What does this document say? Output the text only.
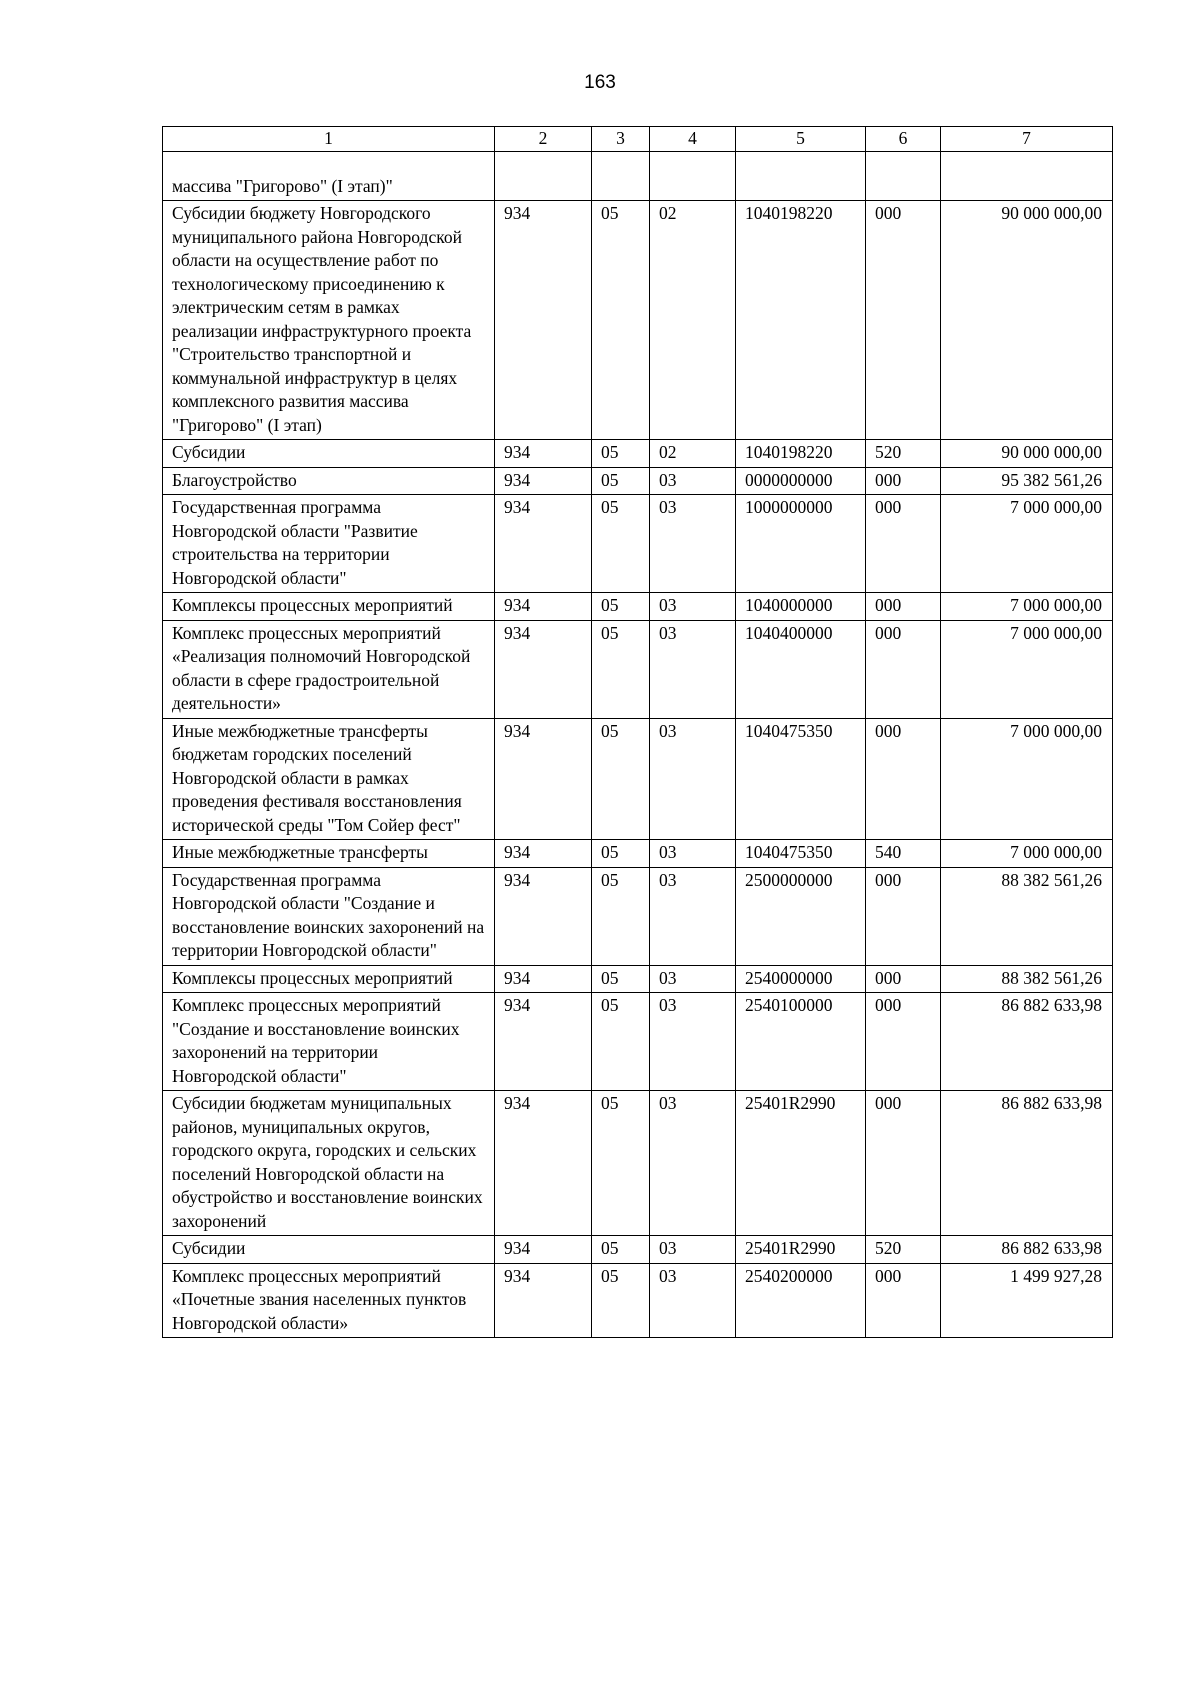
163
1	2	3	4	5	6	7
массива "Григорово" (I этап)"						
Субсидии бюджету Новгородского муниципального района Новгородской области на осуществление работ по технологическому присоединению к электрическим сетям в рамках реализации инфраструктурного проекта "Строительство транспортной и коммунальной инфраструктур в целях комплексного развития массива "Григорово" (I этап)	934	05	02	1040198220	000	90 000 000,00
Субсидии	934	05	02	1040198220	520	90 000 000,00
Благоустройство	934	05	03	0000000000	000	95 382 561,26
Государственная программа Новгородской области "Развитие строительства на территории Новгородской области"	934	05	03	1000000000	000	7 000 000,00
Комплексы процессных мероприятий	934	05	03	1040000000	000	7 000 000,00
Комплекс процессных мероприятий «Реализация полномочий Новгородской области в сфере градостроительной деятельности»	934	05	03	1040400000	000	7 000 000,00
Иные межбюджетные трансферты бюджетам городских поселений Новгородской области в рамках проведения фестиваля восстановления исторической среды "Том Сойер фест"	934	05	03	1040475350	000	7 000 000,00
Иные межбюджетные трансферты	934	05	03	1040475350	540	7 000 000,00
Государственная программа Новгородской области "Создание и восстановление воинских захоронений на территории Новгородской области"	934	05	03	2500000000	000	88 382 561,26
Комплексы процессных мероприятий	934	05	03	2540000000	000	88 382 561,26
Комплекс процессных мероприятий "Создание и восстановление воинских захоронений на территории Новгородской области"	934	05	03	2540100000	000	86 882 633,98
Субсидии бюджетам муниципальных районов, муниципальных округов, городского округа, городских и сельских поселений Новгородской области на обустройство и восстановление воинских захоронений	934	05	03	25401R2990	000	86 882 633,98
Субсидии	934	05	03	25401R2990	520	86 882 633,98
Комплекс процессных мероприятий «Почетные звания населенных пунктов Новгородской области»	934	05	03	2540200000	000	1 499 927,28
